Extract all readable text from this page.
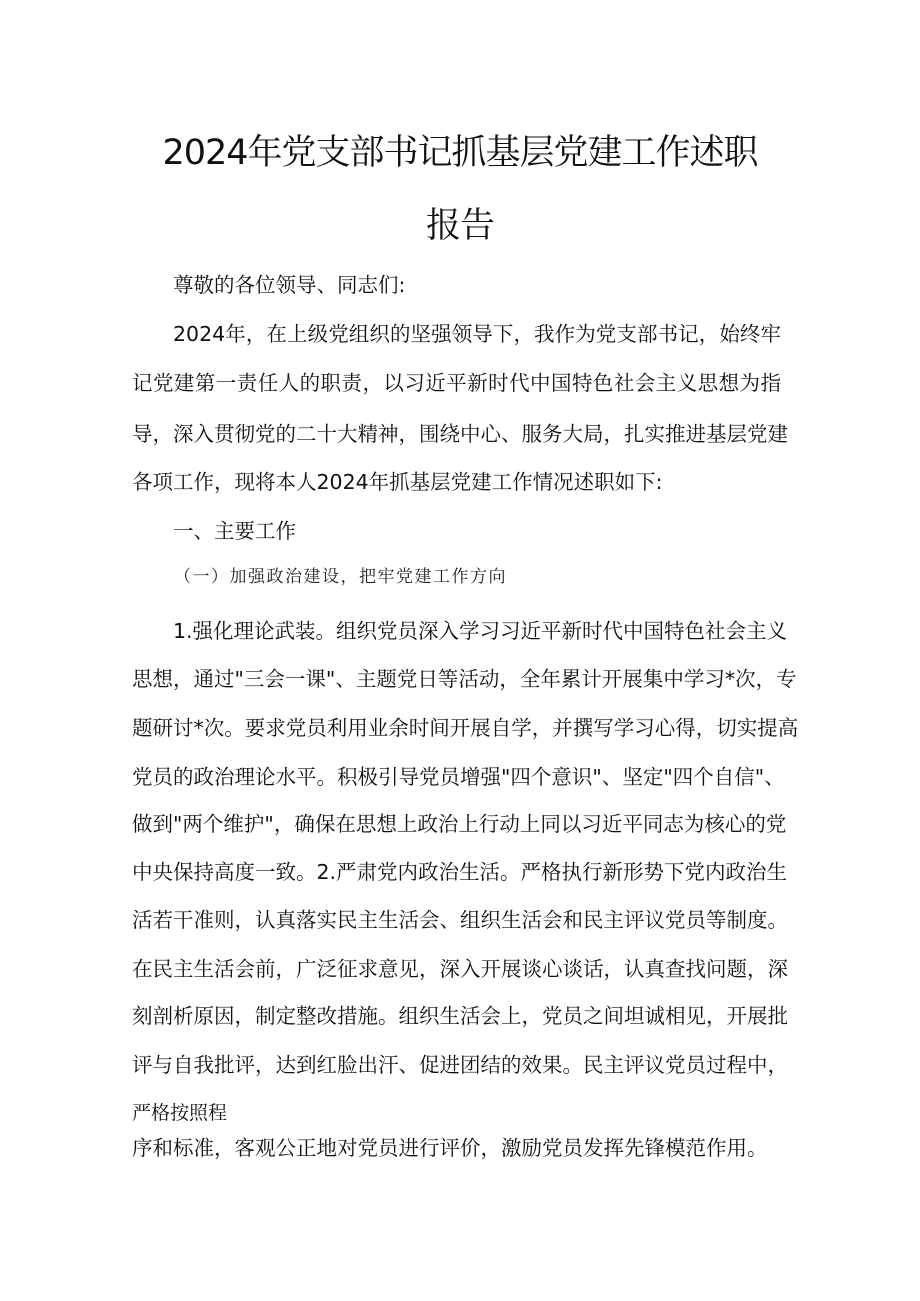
2024年党支部书记抓基层党建工作述职
报告
尊敬的各位领导、同志们:
2024年，在上级党组织的坚强领导下，我作为党支部书记，始终牢
记党建第一责任人的职责，以习近平新时代中国特色社会主义思想为指
导，深入贯彻党的二十大精神，围绕中心、服务大局，扎实推进基层党建
各项工作，现将本人2024年抓基层党建工作情况述职如下:
一、主要工作
（一）加强政治建设，把牢党建工作方向
1.强化理论武装。组织党员深入学习习近平新时代中国特色社会主义
思想，通过"三会一课"、主题党日等活动，全年累计开展集中学习*次，专
题研讨*次。要求党员利用业余时间开展自学，并撰写学习心得，切实提高
党员的政治理论水平。积极引导党员增强"四个意识"、坚定"四个自信"、
做到"两个维护"，确保在思想上政治上行动上同以习近平同志为核心的党
中央保持高度一致。2.严肃党内政治生活。严格执行新形势下党内政治生
活若干准则，认真落实民主生活会、组织生活会和民主评议党员等制度。
在民主生活会前，广泛征求意见，深入开展谈心谈话，认真查找问题，深
刻剖析原因，制定整改措施。组织生活会上，党员之间坦诚相见，开展批
评与自我批评，达到红脸出汗、促进团结的效果。民主评议党员过程中，
严格按照程
序和标准，客观公正地对党员进行评价，激励党员发挥先锋模范作用。
